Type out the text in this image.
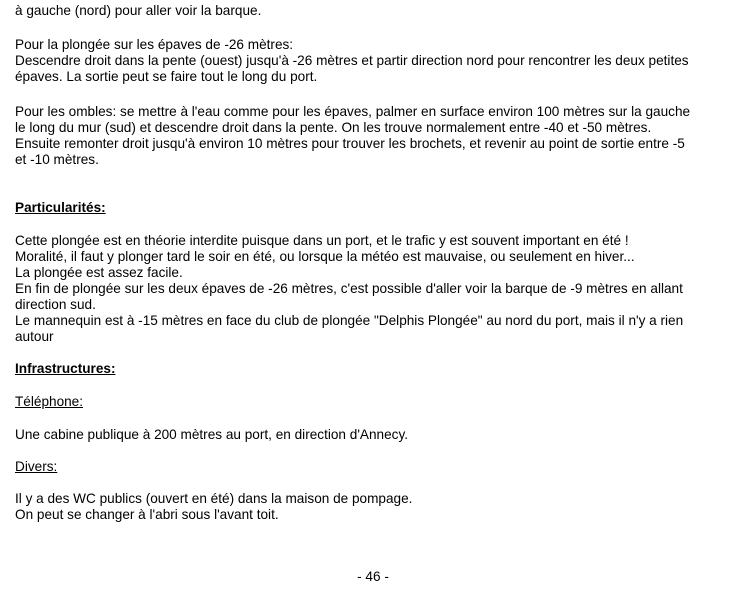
à gauche (nord) pour aller voir la barque.
Pour la plongée sur les épaves de -26 mètres:
Descendre droit dans la pente (ouest) jusqu'à -26 mètres et partir direction nord pour rencontrer les deux petites
épaves. La sortie peut se faire tout le long du port.
Pour les ombles: se mettre à l'eau comme pour les épaves, palmer en surface environ 100 mètres sur la gauche
le long du mur (sud) et descendre droit dans la pente. On les trouve normalement entre -40 et -50 mètres.
Ensuite remonter droit jusqu'à environ 10 mètres pour trouver les brochets, et revenir au point de sortie entre -5
et -10 mètres.
Particularités:
Cette plongée est en théorie interdite puisque dans un port, et le trafic y est souvent important en été !
Moralité, il faut y plonger tard le soir en été, ou lorsque la météo est mauvaise, ou seulement en hiver...
La plongée est assez facile.
En fin de plongée sur les deux épaves de -26 mètres, c'est possible d'aller voir la barque de -9 mètres en allant
direction sud.
Le mannequin est à -15 mètres en face du club de plongée "Delphis Plongée" au nord du port, mais il n'y a rien
autour
Infrastructures:
Téléphone:
Une cabine publique à 200 mètres au port, en direction d'Annecy.
Divers:
Il y a des WC publics (ouvert en été) dans la maison de pompage.
On peut se changer à l'abri sous l'avant toit.
- 46 -
